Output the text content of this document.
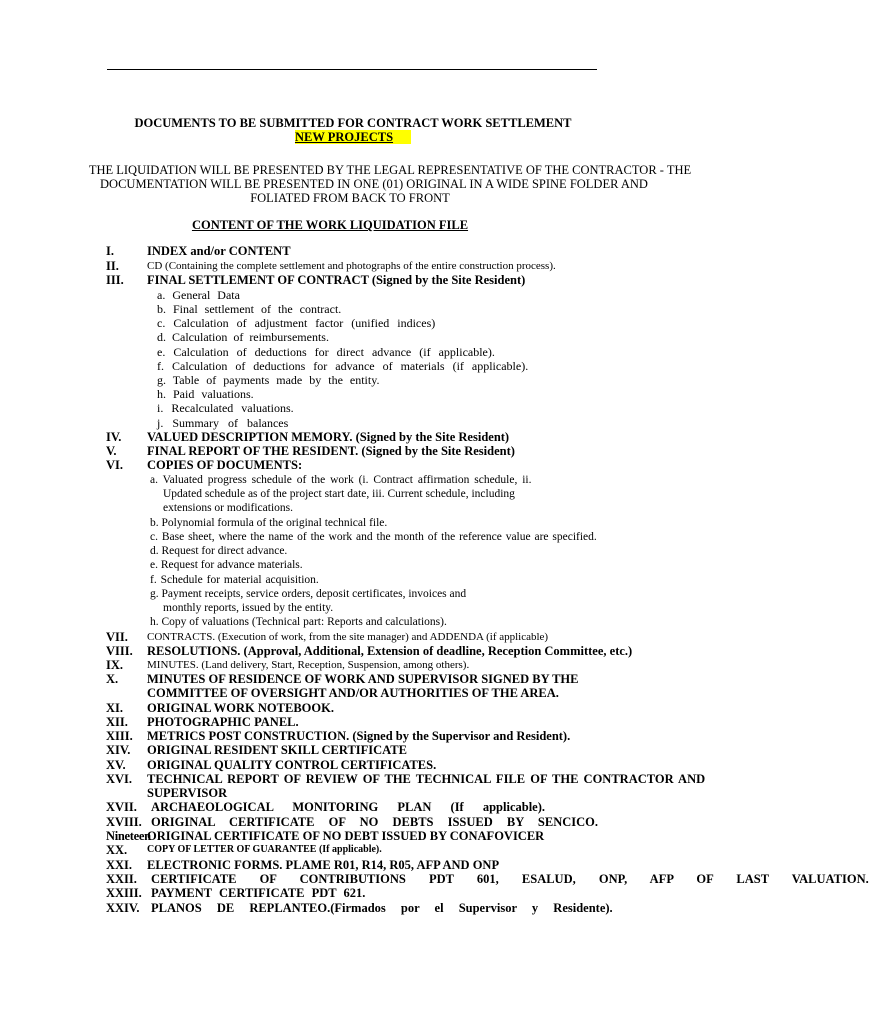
DOCUMENTS TO BE SUBMITTED FOR CONTRACT WORK SETTLEMENT
NEW PROJECTS
THE LIQUIDATION WILL BE PRESENTED BY THE LEGAL REPRESENTATIVE OF THE CONTRACTOR - THE
DOCUMENTATION WILL BE PRESENTED IN ONE (01) ORIGINAL IN A WIDE SPINE FOLDER AND
FOLIATED FROM BACK TO FRONT
CONTENT OF THE WORK LIQUIDATION FILE
I.	INDEX and/or CONTENT
II.	CD (Containing the complete settlement and photographs of the entire construction process).
III. FINAL SETTLEMENT OF CONTRACT (Signed by the Site Resident)
a. General Data
b. Final settlement of the contract.
c. Calculation of adjustment factor (unified indices)
d. Calculation of reimbursements.
e. Calculation of deductions for direct advance (if applicable).
f. Calculation of deductions for advance of materials (if applicable).
g. Table of payments made by the entity.
h. Paid valuations.
i. Recalculated valuations.
j. Summary of balances
IV. VALUED DESCRIPTION MEMORY. (Signed by the Site Resident)
V. FINAL REPORT OF THE RESIDENT. (Signed by the Site Resident)
VI. COPIES OF DOCUMENTS:
a. Valuated progress schedule of the work (i. Contract affirmation schedule, ii.
Updated schedule as of the project start date, iii. Current schedule, including
extensions or modifications.
b. Polynomial formula of the original technical file.
c. Base sheet, where the name of the work and the month of the reference value are specified.
d. Request for direct advance.
e. Request for advance materials.
f. Schedule for material acquisition.
g. Payment receipts, service orders, deposit certificates, invoices and
monthly reports, issued by the entity.
h. Copy of valuations (Technical part: Reports and calculations).
VII. CONTRACTS. (Execution of work, from the site manager) and ADDENDA (if applicable)
VIII. RESOLUTIONS. (Approval, Additional, Extension of deadline, Reception Committee, etc.)
IX. MINUTES. (Land delivery, Start, Reception, Suspension, among others).
X. MINUTES OF RESIDENCE OF WORK AND SUPERVISOR SIGNED BY THE
COMMITTEE OF OVERSIGHT AND/OR AUTHORITIES OF THE AREA.
XI. ORIGINAL WORK NOTEBOOK.
XII. PHOTOGRAPHIC PANEL.
XIII. METRICS POST CONSTRUCTION. (Signed by the Supervisor and Resident).
XIV. ORIGINAL RESIDENT SKILL CERTIFICATE
XV. ORIGINAL QUALITY CONTROL CERTIFICATES.
XVI. TECHNICAL REPORT OF REVIEW OF THE TECHNICAL FILE OF THE CONTRACTOR AND
SUPERVISOR
XVII. ARCHAEOLOGICAL MONITORING PLAN (If applicable).
XVIII. ORIGINAL CERTIFICATE OF NO DEBTS ISSUED BY SENCICO.
Nineteen
ORIGINAL CERTIFICATE OF NO DEBT ISSUED BY CONAFOVICER
XX. COPY OF LETTER OF GUARANTEE (If applicable).
XXI. ELECTRONIC FORMS. PLAME R01, R14, R05, AFP AND ONP
XXII. CERTIFICATE OF CONTRIBUTIONS PDT 601, ESALUD, ONP, AFP OF LAST VALUATION.
XXIII. PAYMENT CERTIFICATE PDT 621.
XXIV. PLANOS DE REPLANTEO.(Firmados por el Supervisor y Residente).
